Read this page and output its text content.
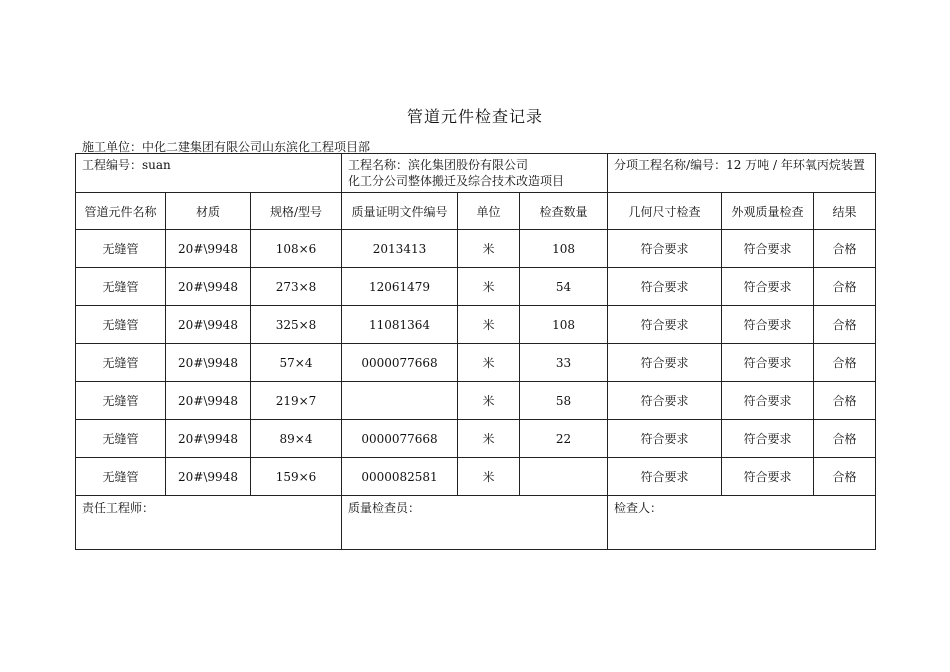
管道元件检查记录
施工单位：中化二建集团有限公司山东滨化工程项目部
工程编号：suan			工程名称：滨化集团股份有限公司
化工分公司整体搬迁及综合技术改造项目			分项工程名称/编号：12 万吨 / 年环氧丙烷装置		
管道元件名称	材质	规格/型号	质量证明文件编号	单位	检查数量	几何尺寸检查	外观质量检查	结果
无缝管	20#\9948	108×6	2013413	米	108	符合要求	符合要求	合格
无缝管	20#\9948	273×8	12061479	米	54	符合要求	符合要求	合格
无缝管	20#\9948	325×8	11081364	米	108	符合要求	符合要求	合格
无缝管	20#\9948	57×4	0000077668	米	33	符合要求	符合要求	合格
无缝管	20#\9948	219×7		米	58	符合要求	符合要求	合格
无缝管	20#\9948	89×4	0000077668	米	22	符合要求	符合要求	合格
无缝管	20#\9948	159×6	0000082581	米		符合要求	符合要求	合格
责任工程师：			质量检查员：			检查人：		
